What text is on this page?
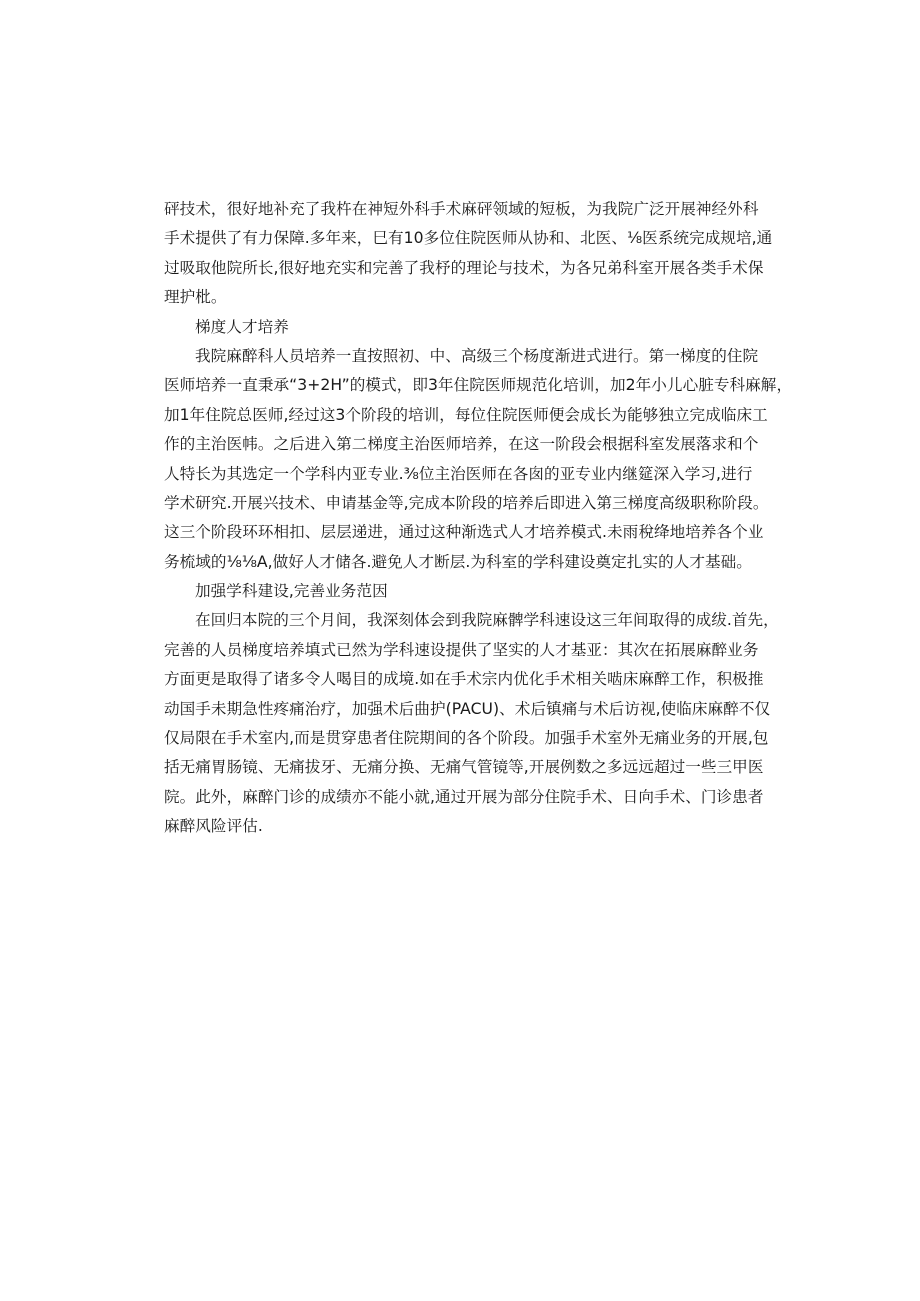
砰技术，很好地补充了我杵在神短外科手术麻砰领域的短板，为我院广泛开展神经外科
手术提供了有力保障.多年来，巳有10多位住院医师从协和、北医、⅛医系统完成规培,通
过吸取他院所长,很好地充实和完善了我杼的理论与技术，为各兄弟科室开展各类手术保
理护枇。
梯度人才培养
我院麻醉科人员培养一直按照初、中、高级三个杨度渐进式进行。第一梯度的住院
医师培养一直秉承“3+2H”的模式，即3年住院医师规范化培训，加2年小儿心脏专科麻解，
加1年住院总医师,经过这3个阶段的培训，每位住院医师便会成长为能够独立完成临床工
作的主治医帏。之后进入第二梯度主治医师培养，在这一阶段会根据科室发展落求和个
人特长为其选定一个学科内亚专业.⅜位主治医师在各囱的亚专业内继筵深入学习,进行
学术研究.开展兴技术、申请基金等,完成本阶段的培养后即进入第三梯度高级职称阶段。
这三个阶段环环相扣、层层递进，通过这种渐选式人才培养模式.未雨稅绛地培养各个业
务梳域的⅛⅛A,做好人才储各.避免人才断层.为科室的学科建设奠定扎实的人才基础。
加强学科建设,完善业务范因
在回归本院的三个月间，我深刻体会到我院麻髀学科速设这三年间取得的成绂.首先，
完善的人员梯度培养填式已然为学科速设提供了坚实的人才基亚：其次在拓展麻醉业务
方面更是取得了诸多令人喝目的成境.如在手术宗内优化手术相关啮床麻醉工作，积极推
动国手未期急性疼痛治疗，加强术后曲护(PACU)、术后镇痛与术后访视,使临床麻醉不仅
仅局限在手术室内,而是贯穿患者住院期间的各个阶段。加强手术室外无痛业务的开展,包
括无痛胃肠镜、无痛拔牙、无痛分换、无痛气管镜等,开展例数之多远远超过一些三甲医
院。此外，麻醉门诊的成绩亦不能小就,通过开展为部分住院手术、日向手术、门诊患者
麻醉风险评估.
